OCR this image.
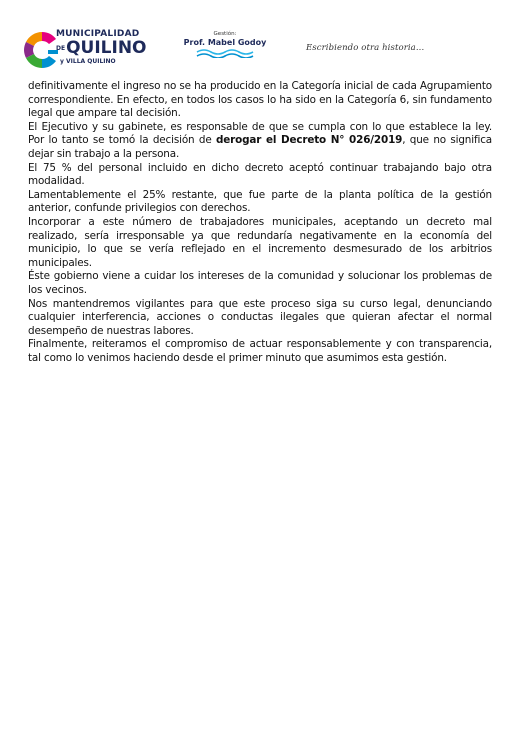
MUNICIPALIDAD
$^{DE}$QUILINO
y VILLA QUILINO
Gestión:
Prof. Mabel Godoy
Escribiendo otra historia...

definitivamente el ingreso no se ha producido en la Categoría inicial de cada Agrupamiento correspondiente. En efecto, en todos los casos lo ha sido en la Categoría 6, sin fundamento legal que ampare tal decisión.

El Ejecutivo y su gabinete, es responsable de que se cumpla con lo que establece la ley. Por lo tanto se tomó la decisión de derogar el Decreto N° 026/2019, que no significa dejar sin trabajo a la persona.

El 75 % del personal incluido en dicho decreto aceptó continuar trabajando bajo otra modalidad.

Lamentablemente el 25% restante, que fue parte de la planta política de la gestión anterior, confunde privilegios con derechos.

Incorporar a este número de trabajadores municipales, aceptando un decreto mal realizado, sería irresponsable ya que redundaría negativamente en la economía del municipio, lo que se vería reflejado en el incremento desmesurado de los arbitrios municipales.

Éste gobierno viene a cuidar los intereses de la comunidad y solucionar los problemas de los vecinos.

Nos mantendremos vigilantes para que este proceso siga su curso legal, denunciando cualquier interferencia, acciones o conductas ilegales que quieran afectar el normal desempeño de nuestras labores.

Finalmente, reiteramos el compromiso de actuar responsablemente y con transparencia, tal como lo venimos haciendo desde el primer minuto que asumimos esta gestión.
